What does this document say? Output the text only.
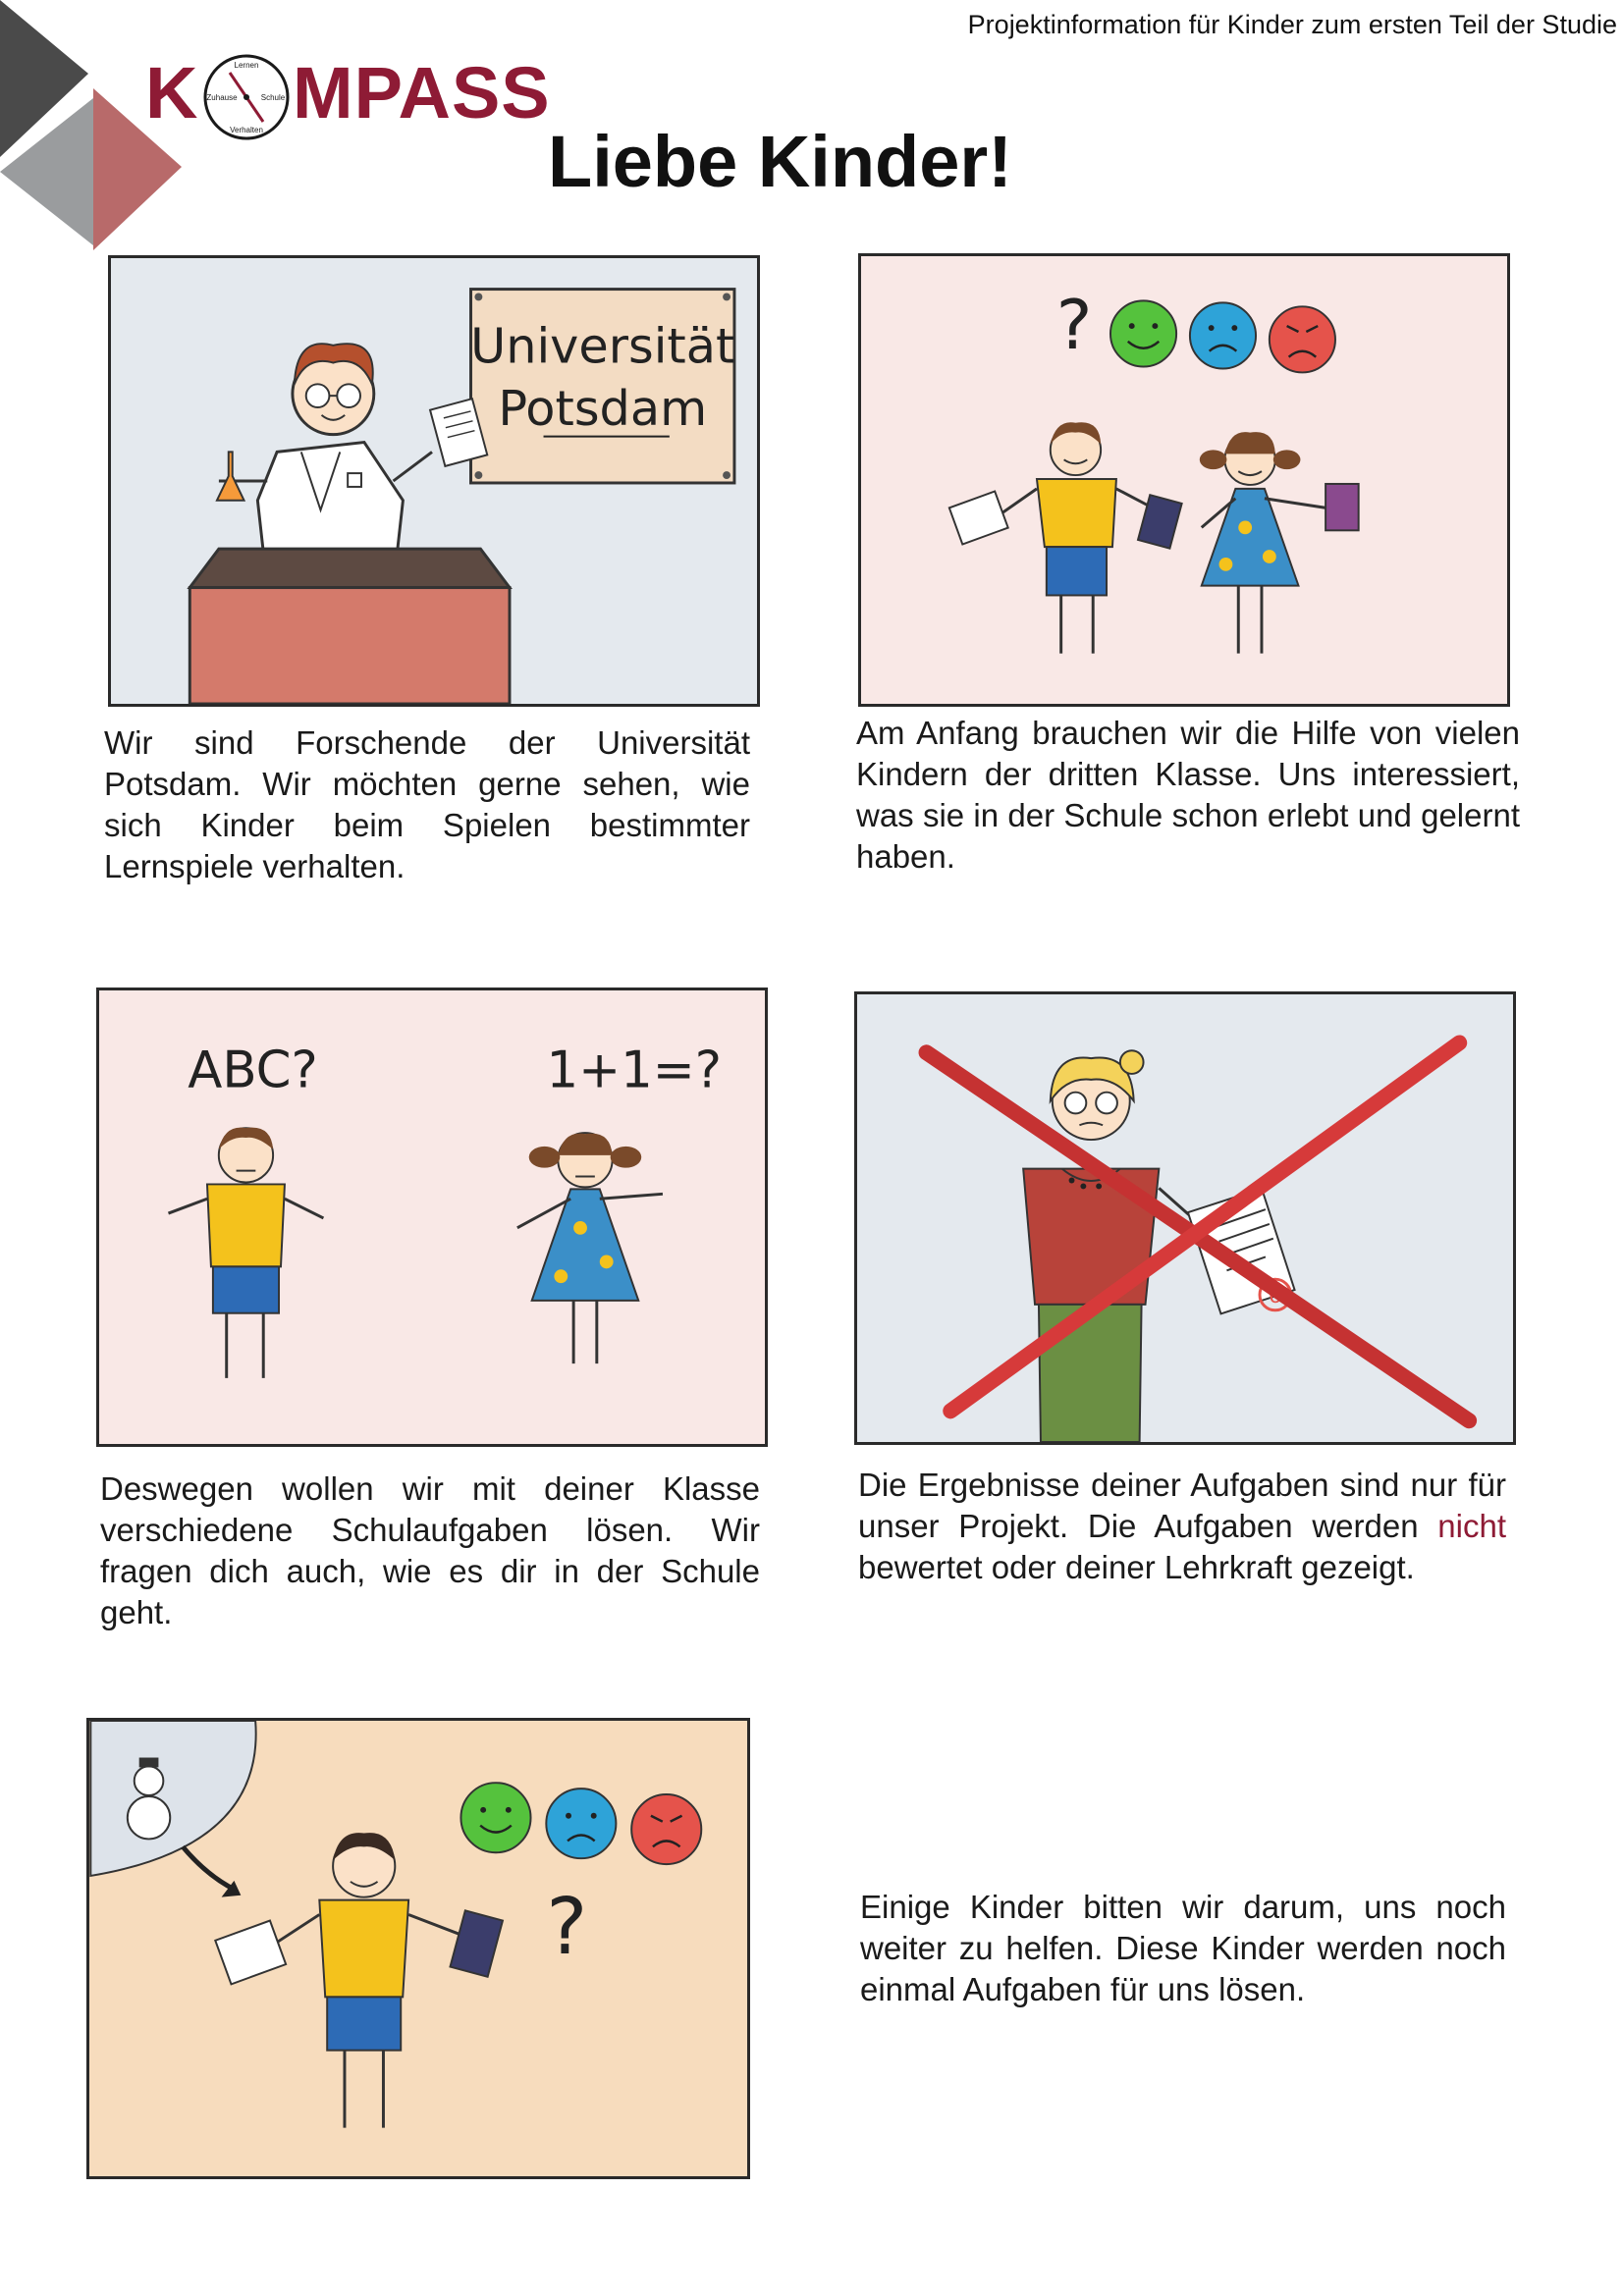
Projektinformation für Kinder zum ersten Teil der Studie
K	Lernen
Zuhause	Schule
Verhalten MPASS
Liebe Kinder!
Universität
Potsdam
Wir sind Forschende der Universität Potsdam. Wir möchten gerne sehen, wie sich Kinder beim Spielen bestimmter Lernspiele verhalten.
?
Am Anfang brauchen wir die Hilfe von vielen Kindern der dritten Klasse. Uns interessiert, was sie in der Schule schon erlebt und gelernt haben.
ABC?	1+1=?
Deswegen wollen wir mit deiner Klasse verschiedene Schulaufgaben lösen. Wir fragen dich auch, wie es dir in der Schule geht.
6
Die Ergebnisse deiner Aufgaben sind nur für unser Projekt. Die Aufgaben werden nicht bewertet oder deiner Lehrkraft gezeigt.
?	Einige Kinder bitten wir darum, uns noch weiter zu helfen. Diese Kinder werden noch einmal Aufgaben für uns lösen.
